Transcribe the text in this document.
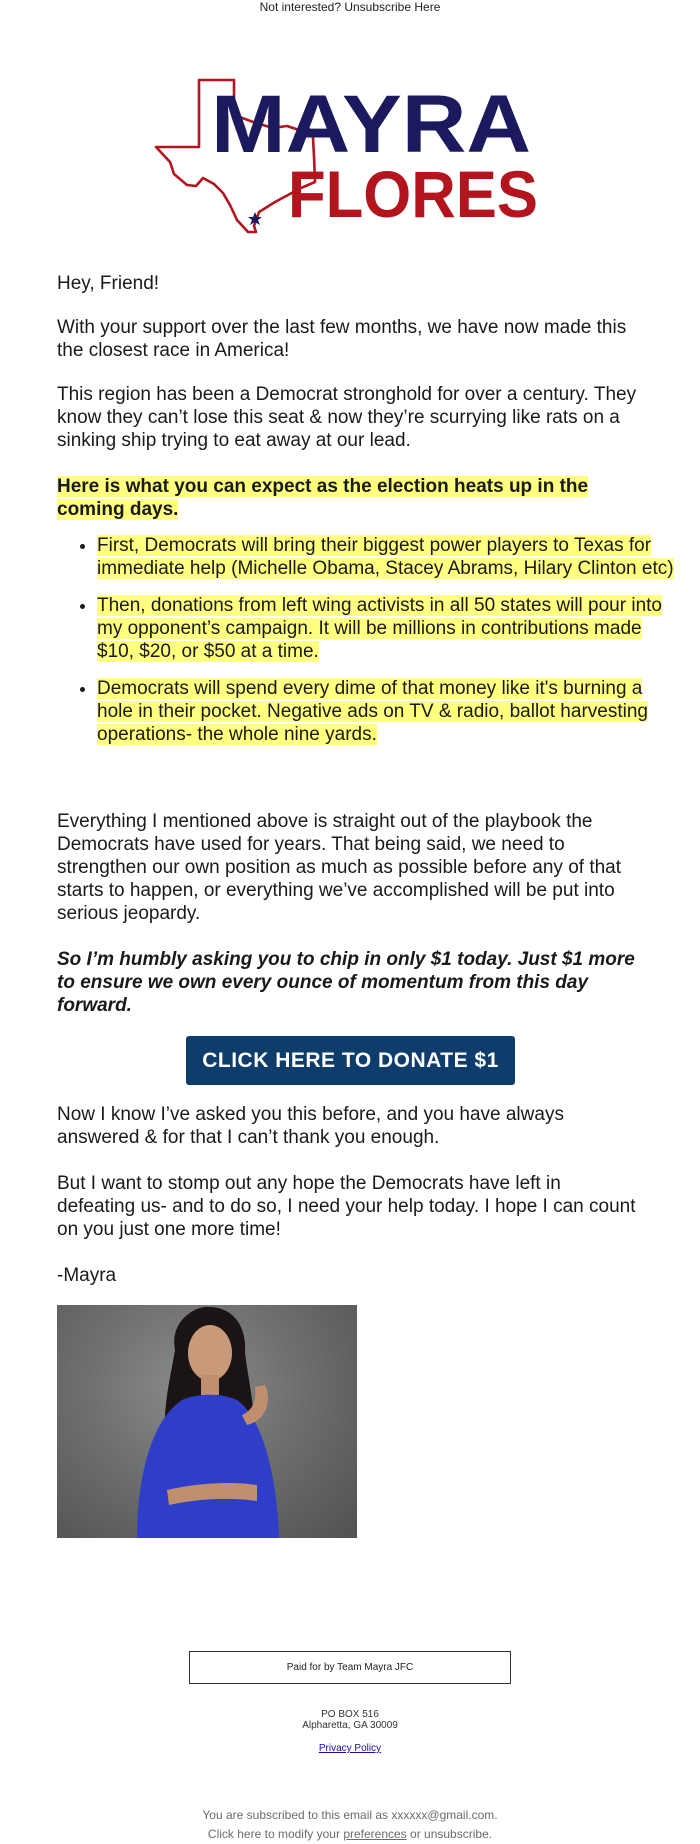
Not interested? Unsubscribe Here
MAYRA
FLORES

Hey, Friend!

With your support over the last few months, we have now made this the closest race in America!

This region has been a Democrat stronghold for over a century. They know they can’t lose this seat & now they’re scurrying like rats on a sinking ship trying to eat away at our lead.

Here is what you can expect as the election heats up in the coming days.

• First, Democrats will bring their biggest power players to Texas for immediate help (Michelle Obama, Stacey Abrams, Hilary Clinton etc)
• Then, donations from left wing activists in all 50 states will pour into my opponent’s campaign. It will be millions in contributions made $10, $20, or $50 at a time.
• Democrats will spend every dime of that money like it's burning a hole in their pocket. Negative ads on TV & radio, ballot harvesting operations- the whole nine yards.

Everything I mentioned above is straight out of the playbook the Democrats have used for years. That being said, we need to strengthen our own position as much as possible before any of that starts to happen, or everything we’ve accomplished will be put into serious jeopardy.

So I’m humbly asking you to chip in only $1 today. Just $1 more to ensure we own every ounce of momentum from this day forward.

CLICK HERE TO DONATE $1

Now I know I’ve asked you this before, and you have always answered & for that I can’t thank you enough.

But I want to stomp out any hope the Democrats have left in defeating us- and to do so, I need your help today. I hope I can count on you just one more time!

-Mayra

Paid for by Team Mayra JFC
PO BOX 516
Alpharetta, GA 30009
Privacy Policy
You are subscribed to this email as xxxxxx@gmail.com.
Click here to modify your preferences or unsubscribe.
